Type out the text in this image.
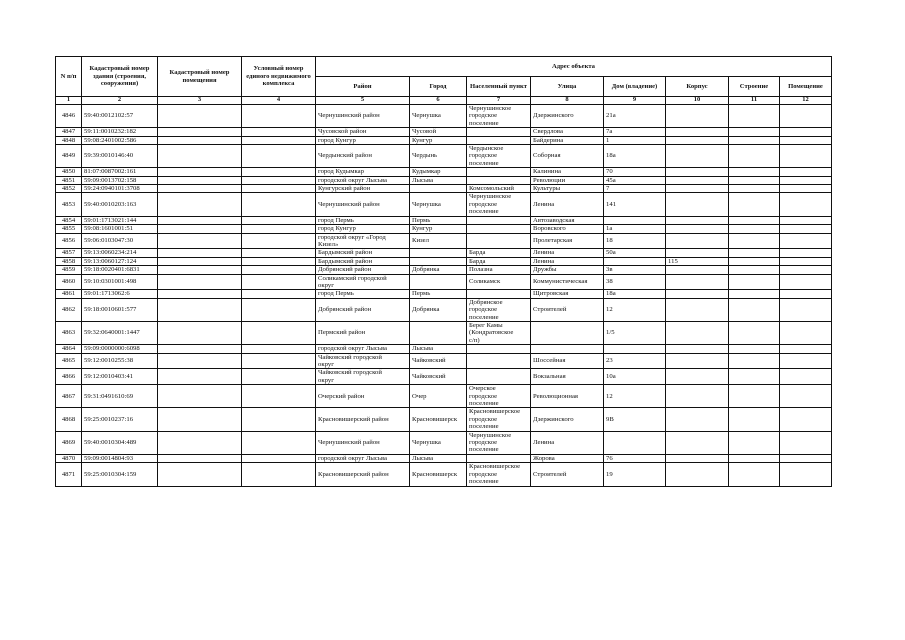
N п/п	Кадастровый номер здания (строения, сооружения)	Кадастровый номер помещения	Условный номер единого недвижимого комплекса	Адрес объекта							
				Район	Город	Населенный пункт	Улица	Дом (владение)	Корпус	Строение	Помещение
1	2	3	4	5	6	7	8	9	10	11	12
4846	59:40:0012102:57			Чернушинский район	Чернушка	Чернушинское
городское
поселение	Дзержинского	21а			
4847	59:11:0010232:182			Чусовской район	Чусовой		Свердлова	7а			
4848	59:08:2401002:586			город Кунгур	Кунгур		Байдерина	1			
4849	59:39:0010146:40			Чердынский район	Чердынь	Чердынское
городское
поселение	Соборная	18а			
4850	81:07:0087002:161			город Кудымкар	Кудымкар		Калинина	70			
4851	59:09:0013702:158			городской округ Лысьва	Лысьва		Революции	45а			
4852	59:24:0940101:3708			Кунгурский район		Комсомольский	Культуры	7			
4853	59:40:0010203:163			Чернушинский район	Чернушка	Чернушинское
городское
поселение	Ленина	141			
4854	59:01:1713021:144			город Пермь	Пермь		Автозаводская				
4855	59:08:1601001:51			город Кунгур	Кунгур		Воровского	1а			
4856	59:06:0103047:30			городской округ «Город
Кизел»	Кизел		Пролетарская	18			
4857	59:13:0060234:214			Бардымский район		Барда	Ленина	50а			
4858	59:13:0060127:124			Бардымский район		Барда	Ленина		115		
4859	59:18:0020401:6831			Добрянский район	Добрянка	Полазна	Дружбы	3в			
4860	59:10:0301001:498			Соликамский городской
округ		Соликамск	Коммунистическая	38			
4861	59:01:1713062:6			город Пермь	Пермь		Щитровская	18а			
4862	59:18:0010601:577			Добрянский район	Добрянка	Добрянское
городское
поселение	Строителей	12			
4863	59:32:0640001:1447			Пермский район		Берег Камы
(Кондратовское
с/п)		1/5			
4864	59:09:0000000:6098			городской округ Лысьва	Лысьва						
4865	59:12:0010255:38			Чайковский городской
округ	Чайковский		Шоссейная	23			
4866	59:12:0010403:41			Чайковский городской
округ	Чайковский		Вокзальная	10а			
4867	59:31:0491610:69			Очерский район	Очер	Очерское
городское
поселение	Революционная	12			
4868	59:25:0010237:16			Красновишерский район	Красновишерск	Красновишерское
городское
поселение	Дзержинского	9В			
4869	59:40:0010304:489			Чернушинский район	Чернушка	Чернушинское
городское
поселение	Ленина				
4870	59:09:0014804:93			городской округ Лысьва	Лысьва		Жорова	76			
4871	59:25:0010304:159			Красновишерский район	Красновишерск	Красновишерское
городское
поселение	Строителей	19			
